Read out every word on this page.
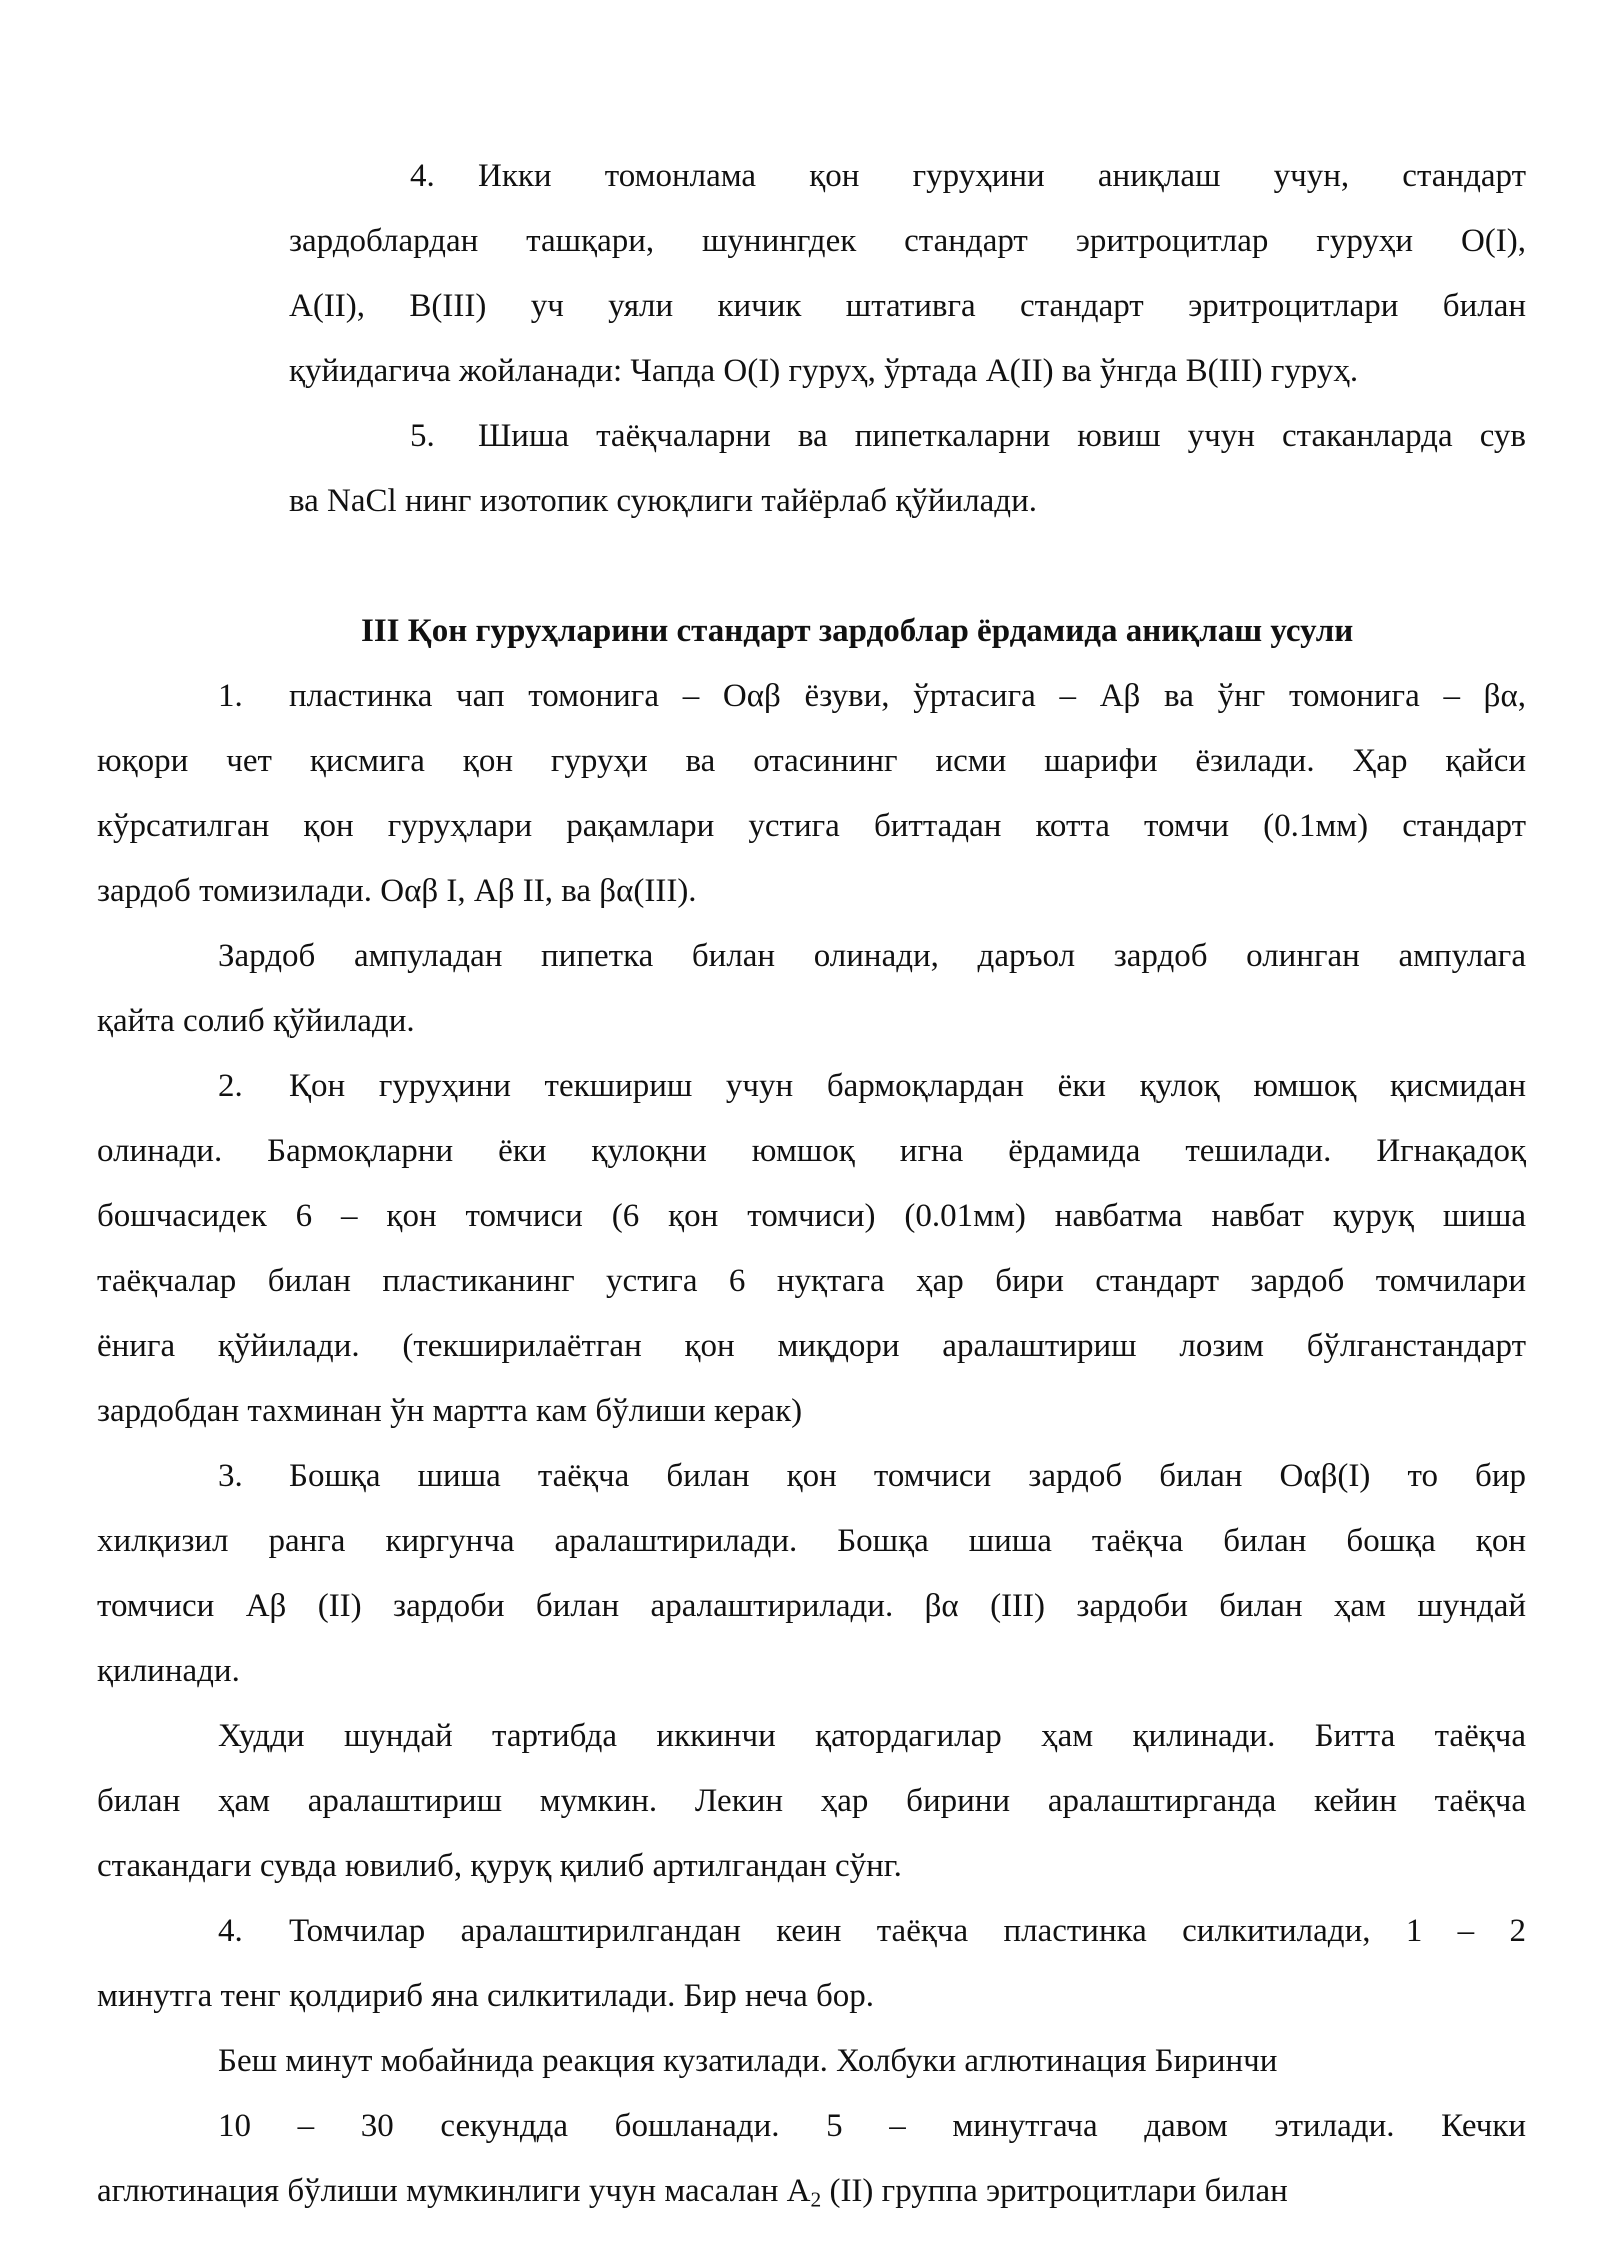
4. Икки томонлама қон гуруҳини аниқлаш учун, стандарт
зардоблардан ташқари, шунингдек стандарт эритроцитлар гуруҳи О(I),
А(II), В(III) уч уяли кичик штативга стандарт эритроцитлари билан
қуйидагича жойланади: Чапда О(I) гуруҳ, ўртада А(II) ва ўнгда В(III) гуруҳ.
5. Шиша таёқчаларни ва пипеткаларни ювиш учун стаканларда сув
ва NaCl нинг изотопик суюқлиги тайёрлаб қўйилади.
III Қон гуруҳларини стандарт зардоблар ёрдамида аниқлаш усули
1. пластинка чап томонига – Оαβ ёзуви, ўртасига – Аβ ва ўнг томонига – βα,
юқори чет қисмига қон гуруҳи ва отасининг исми шарифи ёзилади. Ҳар қайси
кўрсатилган қон гуруҳлари рақамлари устига биттадан котта томчи (0.1мм) стандарт
зардоб томизилади. Оαβ I, Аβ II, ва βα(III).
Зардоб ампуладан пипетка билан олинади, даръол зардоб олинган ампулага
қайта солиб қўйилади.
2. Қон гуруҳини текшириш учун бармоқлардан ёки қулоқ юмшоқ қисмидан
олинади. Бармоқларни ёки қулоқни юмшоқ игна ёрдамида тешилади. Игнақадоқ
бошчасидек 6 – қон томчиси (6 қон томчиси) (0.01мм) навбатма навбат қуруқ шиша
таёқчалар билан пластиканинг устига 6 нуқтага ҳар бири стандарт зардоб томчилари
ёнига қўйилади. (текширилаётган қон миқдори аралаштириш лозим бўлганстандарт
зардобдан тахминан ўн мартта кам бўлиши керак)
3. Бошқа шиша таёқча билан қон томчиси зардоб билан Оαβ(I) то бир
хилқизил ранга киргунча аралаштирилади. Бошқа шиша таёқча билан бошқа қон
томчиси Аβ (II) зардоби билан аралаштирилади. βα (III) зардоби билан ҳам шундай
қилинади.
Худди шундай тартибда иккинчи қатордагилар ҳам қилинади. Битта таёқча
билан ҳам аралаштириш мумкин. Лекин ҳар бирини аралаштирганда кейин таёқча
стакандаги сувда ювилиб, қуруқ қилиб артилгандан сўнг.
4. Томчилар аралаштирилгандан кеин таёқча пластинка силкитилади, 1 – 2
минутга тенг қолдириб яна силкитилади. Бир неча бор.
Беш минут мобайнида реакция кузатилади. Холбуки аглютинация Биринчи
10 – 30 секундда бошланади. 5 – минутгача давом этилади. Кечки
аглютинация бўлиши мумкинлиги учун масалан $А_2$ (II) группа эритроцитлари билан
